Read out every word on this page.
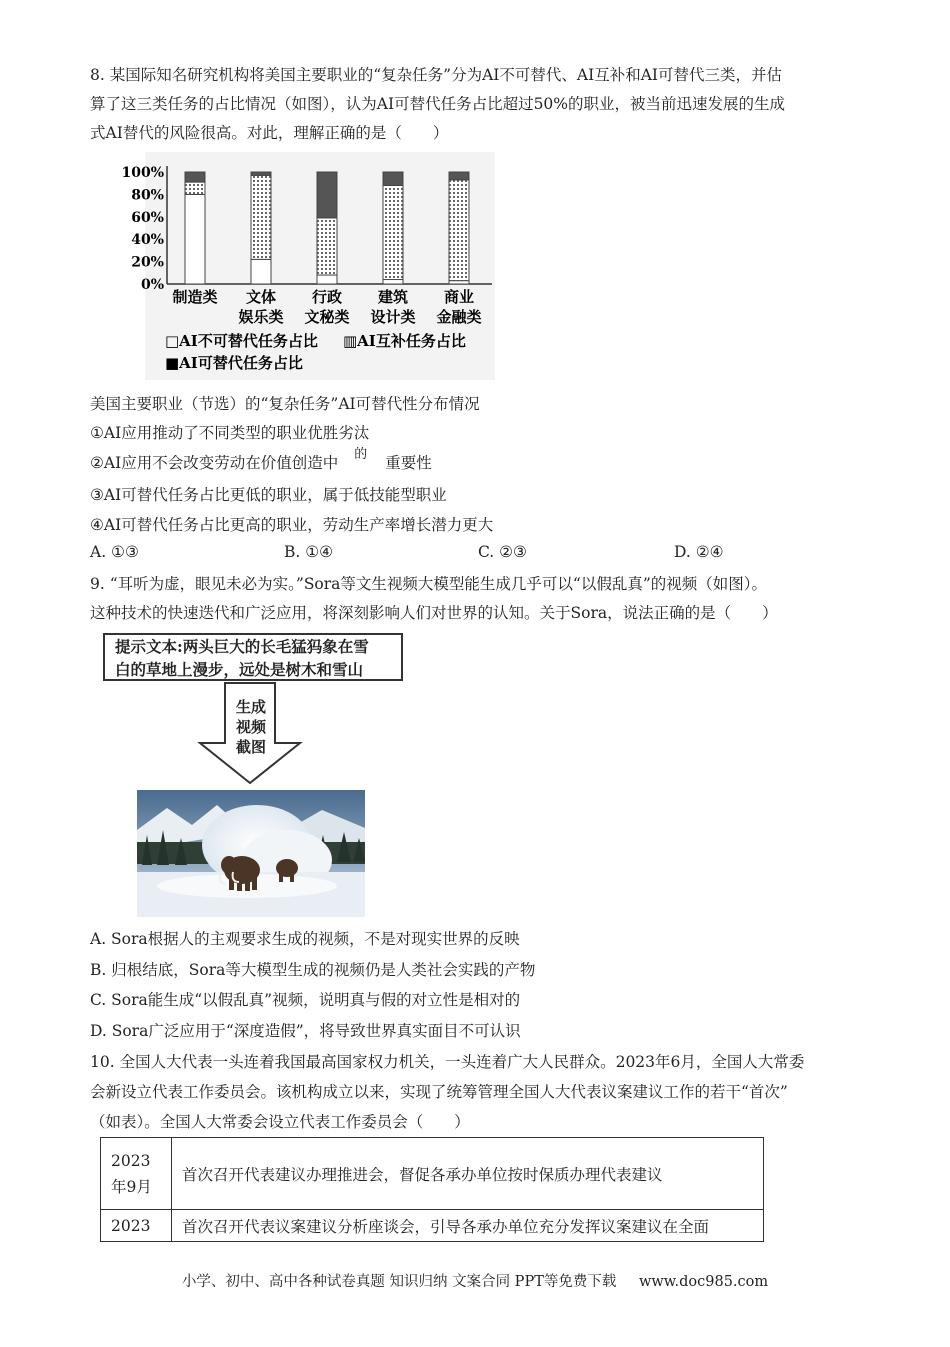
8. 某国际知名研究机构将美国主要职业的“复杂任务”分为AI不可替代、AI互补和AI可替代三类，并估
算了这三类任务的占比情况（如图），认为AI可替代任务占比超过50%的职业，被当前迅速发展的生成
式AI替代的风险很高。对此，理解正确的是（　　）
100%
80%
60%
40%
20%
0%
制造类 文体
娱乐类
行政
文秘类
建筑
设计类
商业
金融类
□AI不可替代任务占比 ▥AI互补任务占比
■AI可替代任务占比
美国主要职业（节选）的“复杂任务”AI可替代性分布情况
①AI应用推动了不同类型的职业优胜劣汰
②AI应用不会改变劳动在价值创造中 $^的$ 重要性
③AI可替代任务占比更低的职业，属于低技能型职业
④AI可替代任务占比更高的职业，劳动生产率增长潜力更大
A. ①③	B. ①④	C. ②③	D. ②④
9. “耳听为虚，眼见未必为实。”Sora等文生视频大模型能生成几乎可以“以假乱真”的视频（如图）。
这种技术的快速迭代和广泛应用，将深刻影响人们对世界的认知。关于Sora，说法正确的是（　　）
提示文本:两头巨大的长毛猛犸象在雪
白的草地上漫步，远处是树木和雪山
生成
视频
截图
A. Sora根据人的主观要求生成的视频，不是对现实世界的反映
B. 归根结底，Sora等大模型生成的视频仍是人类社会实践的产物
C. Sora能生成“以假乱真”视频，说明真与假的对立性是相对的
D. Sora广泛应用于“深度造假”，将导致世界真实面目不可认识
10. 全国人大代表一头连着我国最高国家权力机关，一头连着广大人民群众。2023年6月，全国人大常委
会新设立代表工作委员会。该机构成立以来，实现了统筹管理全国人大代表议案建议工作的若干“首次”
（如表）。全国人大常委会设立代表工作委员会（　　）
2023
年9月	首次召开代表建议办理推进会，督促各承办单位按时保质办理代表建议

2023	首次召开代表议案建议分析座谈会，引导各承办单位充分发挥议案建议在全面
小学、初中、高中各种试卷真题 知识归纳 文案合同 PPT等免费下载 www.doc985.com
